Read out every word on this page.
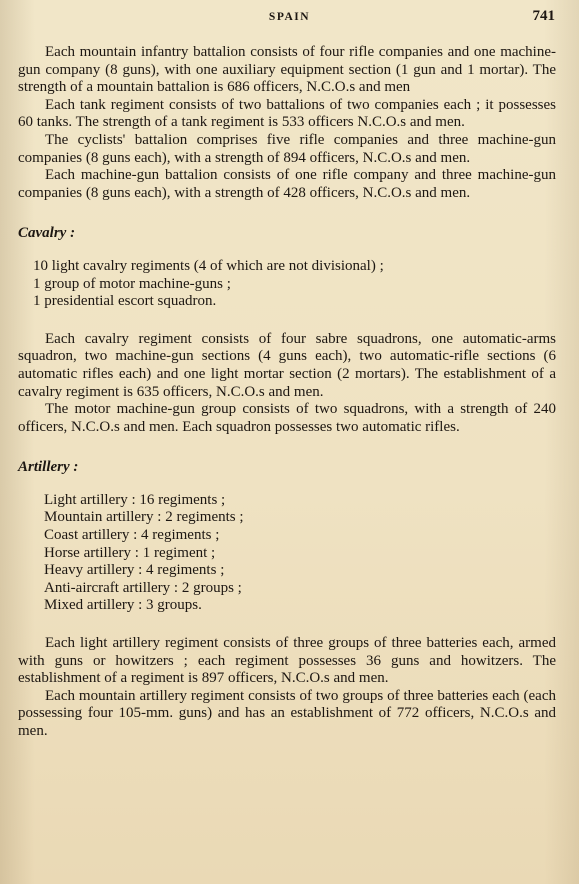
SPAIN	741

Each mountain infantry battalion consists of four rifle companies and one machine-gun company (8 guns), with one auxiliary equipment section (1 gun and 1 mortar). The strength of a mountain battalion is 686 officers, N.C.O.s and men

Each tank regiment consists of two battalions of two companies each ; it possesses 60 tanks. The strength of a tank regiment is 533 officers N.C.O.s and men.

The cyclists' battalion comprises five rifle companies and three machine-gun companies (8 guns each), with a strength of 894 officers, N.C.O.s and men.

Each machine-gun battalion consists of one rifle company and three machine-gun companies (8 guns each), with a strength of 428 officers, N.C.O.s and men.

Cavalry :

10 light cavalry regiments (4 of which are not divisional) ;
1 group of motor machine-guns ;
1 presidential escort squadron.

Each cavalry regiment consists of four sabre squadrons, one automatic-arms squadron, two machine-gun sections (4 guns each), two automatic-rifle sections (6 automatic rifles each) and one light mortar section (2 mortars). The establishment of a cavalry regiment is 635 officers, N.C.O.s and men.

The motor machine-gun group consists of two squadrons, with a strength of 240 officers, N.C.O.s and men. Each squadron possesses two automatic rifles.

Artillery :

Light artillery : 16 regiments ;
Mountain artillery : 2 regiments ;
Coast artillery : 4 regiments ;
Horse artillery : 1 regiment ;
Heavy artillery : 4 regiments ;
Anti-aircraft artillery : 2 groups ;
Mixed artillery : 3 groups.

Each light artillery regiment consists of three groups of three batteries each, armed with guns or howitzers ; each regiment possesses 36 guns and howitzers. The establishment of a regiment is 897 officers, N.C.O.s and men.

Each mountain artillery regiment consists of two groups of three batteries each (each possessing four 105-mm. guns) and has an establishment of 772 officers, N.C.O.s and men.
